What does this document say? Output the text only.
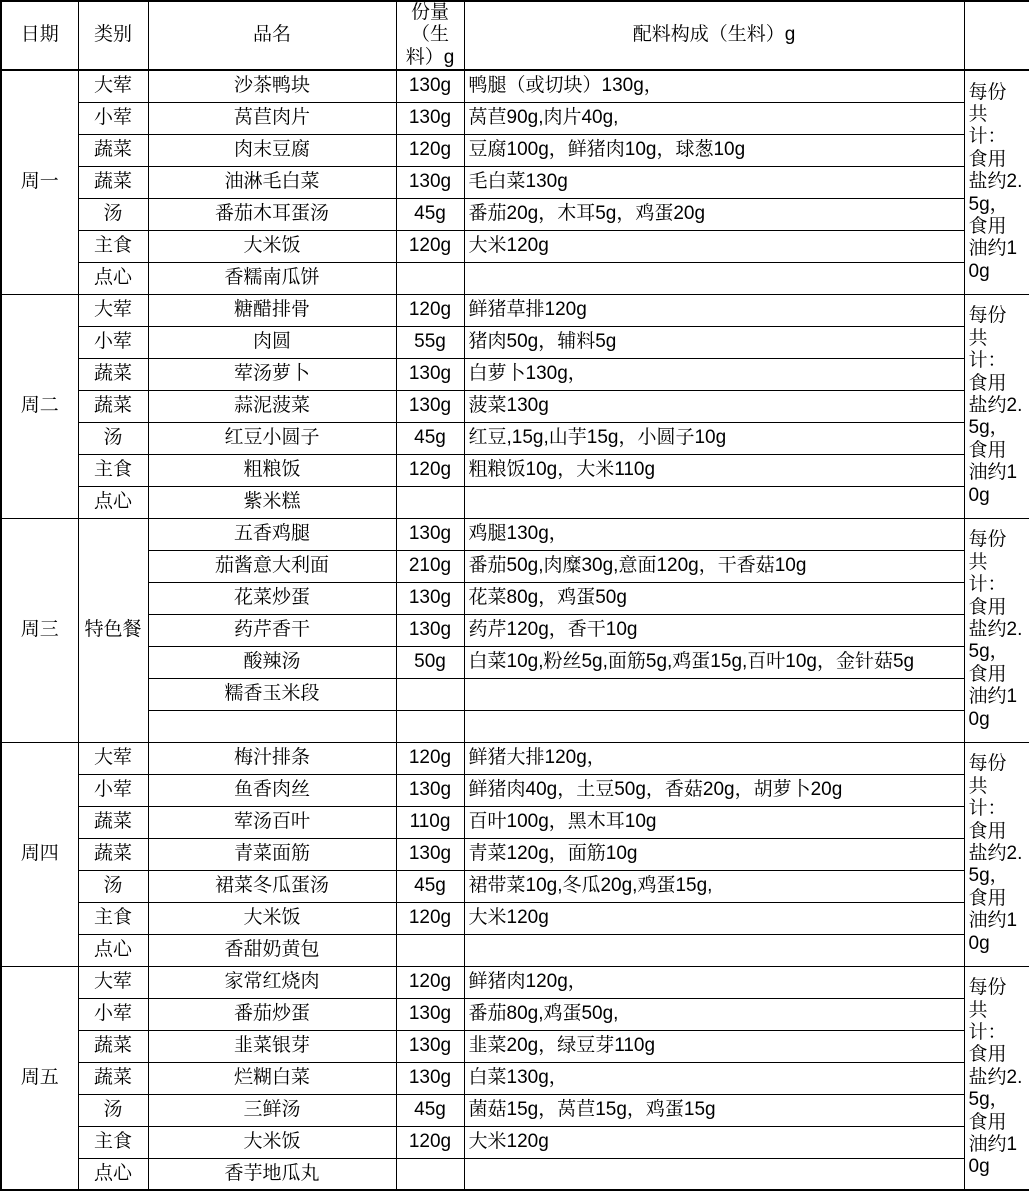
日期	类别	品名	份量（生料）g	配料构成（生料）g	
周一	大荤	沙茶鸭块	130g	鸭腿（或切块）130g，	每份共计：食用盐约2.5g，食用油约10g
	小荤	莴苣肉片	130g	莴苣90g,肉片40g,	
	蔬菜	肉末豆腐	120g	豆腐100g，鲜猪肉10g，球葱10g	
	蔬菜	油淋毛白菜	130g	毛白菜130g	
	汤	番茄木耳蛋汤	45g	番茄20g，木耳5g，鸡蛋20g	
	主食	大米饭	120g	大米120g	
	点心	香糯南瓜饼			
周二	大荤	糖醋排骨	120g	鲜猪草排120g	每份共计：食用盐约2.5g，食用油约10g
	小荤	肉圆	55g	猪肉50g，辅料5g	
	蔬菜	荤汤萝卜	130g	白萝卜130g，	
	蔬菜	蒜泥菠菜	130g	菠菜130g	
	汤	红豆小圆子	45g	红豆,15g,山芋15g，小圆子10g	
	主食	粗粮饭	120g	粗粮饭10g，大米110g	
	点心	紫米糕			
周三	特色餐	五香鸡腿	130g	鸡腿130g，	每份共计：食用盐约2.5g，食用油约10g
		茄酱意大利面	210g	番茄50g,肉糜30g,意面120g，干香菇10g	
		花菜炒蛋	130g	花菜80g，鸡蛋50g	
		药芹香干	130g	药芹120g，香干10g	
		酸辣汤	50g	白菜10g,粉丝5g,面筋5g,鸡蛋15g,百叶10g，金针菇5g	
		糯香玉米段			

周四	大荤	梅汁排条	120g	鲜猪大排120g，	每份共计：食用盐约2.5g，食用油约10g
	小荤	鱼香肉丝	130g	鲜猪肉40g，土豆50g，香菇20g，胡萝卜20g	
	蔬菜	荤汤百叶	110g	百叶100g，黑木耳10g	
	蔬菜	青菜面筋	130g	青菜120g，面筋10g	
	汤	裙菜冬瓜蛋汤	45g	裙带菜10g,冬瓜20g,鸡蛋15g,	
	主食	大米饭	120g	大米120g	
	点心	香甜奶黄包			
周五	大荤	家常红烧肉	120g	鲜猪肉120g，	每份共计：食用盐约2.5g，食用油约10g
	小荤	番茄炒蛋	130g	番茄80g,鸡蛋50g,	
	蔬菜	韭菜银芽	130g	韭菜20g，绿豆芽110g	
	蔬菜	烂糊白菜	130g	白菜130g，	
	汤	三鲜汤	45g	菌菇15g，莴苣15g，鸡蛋15g	
	主食	大米饭	120g	大米120g	
	点心	香芋地瓜丸			
